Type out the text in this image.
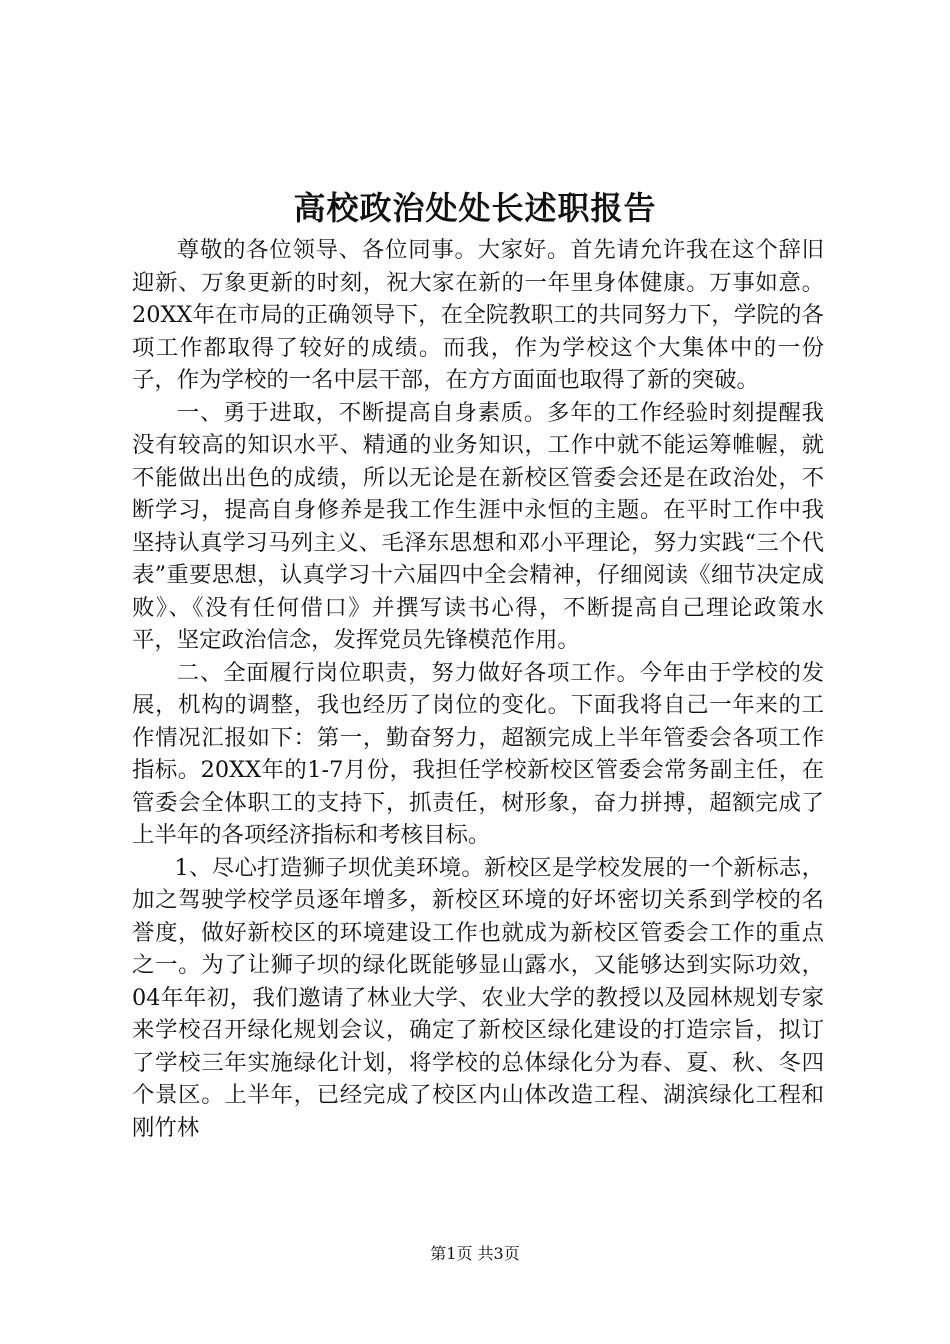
高校政治处处长述职报告

尊敬的各位领导、各位同事。大家好。首先请允许我在这个辞旧迎新、万象更新的时刻，祝大家在新的一年里身体健康。万事如意。20XX年在市局的正确领导下，在全院教职工的共同努力下，学院的各项工作都取得了较好的成绩。而我，作为学校这个大集体中的一份子，作为学校的一名中层干部，在方方面面也取得了新的突破。

一、勇于进取，不断提高自身素质。多年的工作经验时刻提醒我没有较高的知识水平、精通的业务知识，工作中就不能运筹帷幄，就不能做出出色的成绩，所以无论是在新校区管委会还是在政治处，不断学习，提高自身修养是我工作生涯中永恒的主题。在平时工作中我坚持认真学习马列主义、毛泽东思想和邓小平理论，努力实践“三个代表”重要思想，认真学习十六届四中全会精神，仔细阅读《细节决定成败》、《没有任何借口》并撰写读书心得，不断提高自己理论政策水平，坚定政治信念，发挥党员先锋模范作用。

二、全面履行岗位职责，努力做好各项工作。今年由于学校的发展，机构的调整，我也经历了岗位的变化。下面我将自己一年来的工作情况汇报如下：第一，勤奋努力，超额完成上半年管委会各项工作指标。20XX年的1-7月份，我担任学校新校区管委会常务副主任，在管委会全体职工的支持下，抓责任，树形象，奋力拼搏，超额完成了上半年的各项经济指标和考核目标。

1、尽心打造狮子坝优美环境。新校区是学校发展的一个新标志，加之驾驶学校学员逐年增多，新校区环境的好坏密切关系到学校的名誉度，做好新校区的环境建设工作也就成为新校区管委会工作的重点之一。为了让狮子坝的绿化既能够显山露水，又能够达到实际功效，04年年初，我们邀请了林业大学、农业大学的教授以及园林规划专家来学校召开绿化规划会议，确定了新校区绿化建设的打造宗旨，拟订了学校三年实施绿化计划，将学校的总体绿化分为春、夏、秋、冬四个景区。上半年，已经完成了校区内山体改造工程、湖滨绿化工程和刚竹林

第1页 共3页
